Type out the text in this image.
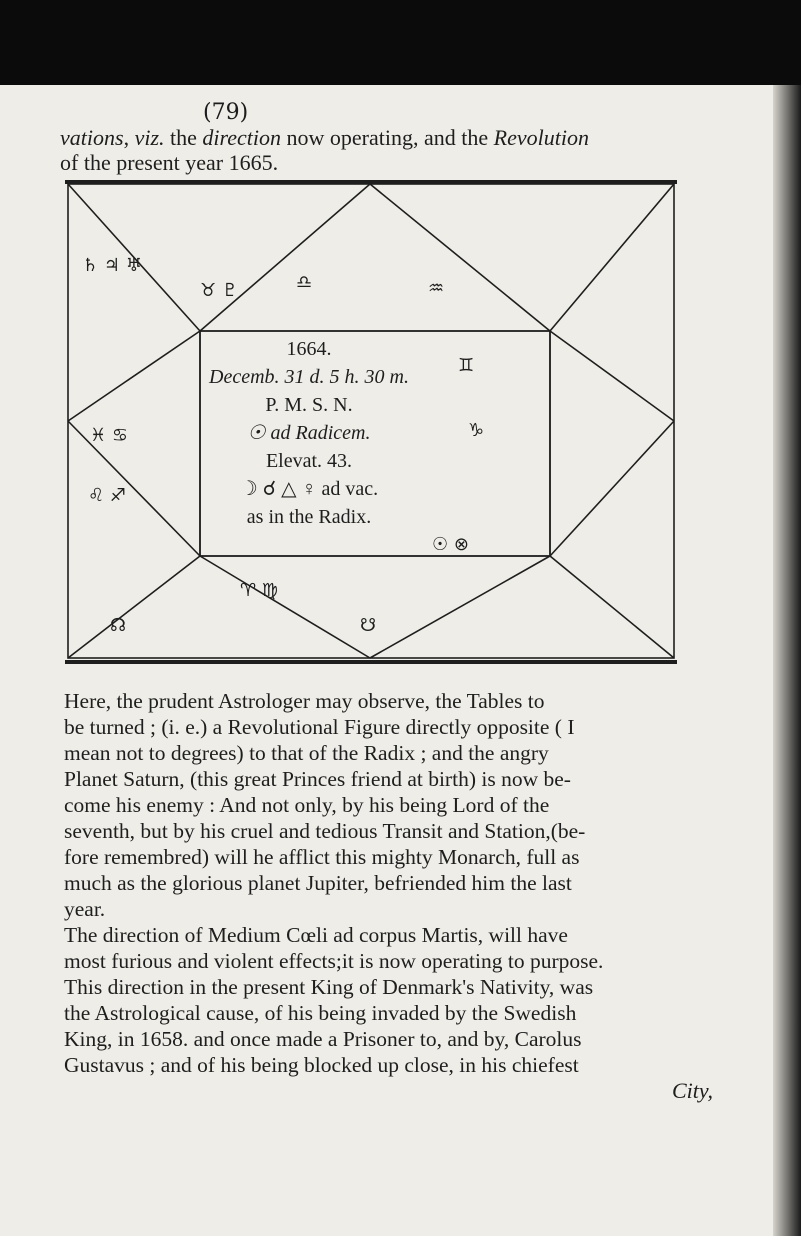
(79)
vations, viz. the direction now operating, and the Revolution
of the present year 1665.
1664.
Decemb. 31 d. 5 h. 30 m.
P. M. S. N.
☉ ad Radicem.
Elevat. 43.
☽ ☌ △ ♀ ad vac.
as in the Radix.
♄ ♃ ♅
♉ ♇	♎	♒
♓ ♋
♌ ♐
♊
♑
☊
♈ ♍
☉ ⊗
☋
Here, the prudent Astrologer may observe, the Tables to
be turned ; (i. e.) a Revolutional Figure directly opposite ( I
mean not to degrees) to that of the Radix ; and the angry
Planet Saturn, (this great Princes friend at birth) is now be-
come his enemy : And not only, by his being Lord of the
seventh, but by his cruel and tedious Transit and Station,(be-
fore remembred) will he afflict this mighty Monarch, full as
much as the glorious planet Jupiter, befriended him the last
year.
The direction of Medium Cœli ad corpus Martis, will have
most furious and violent effects;it is now operating to purpose.
This direction in the present King of Denmark's Nativity, was
the Astrological cause, of his being invaded by the Swedish
King, in 1658. and once made a Prisoner to, and by, Carolus
Gustavus ; and of his being blocked up close, in his chiefest
City,
